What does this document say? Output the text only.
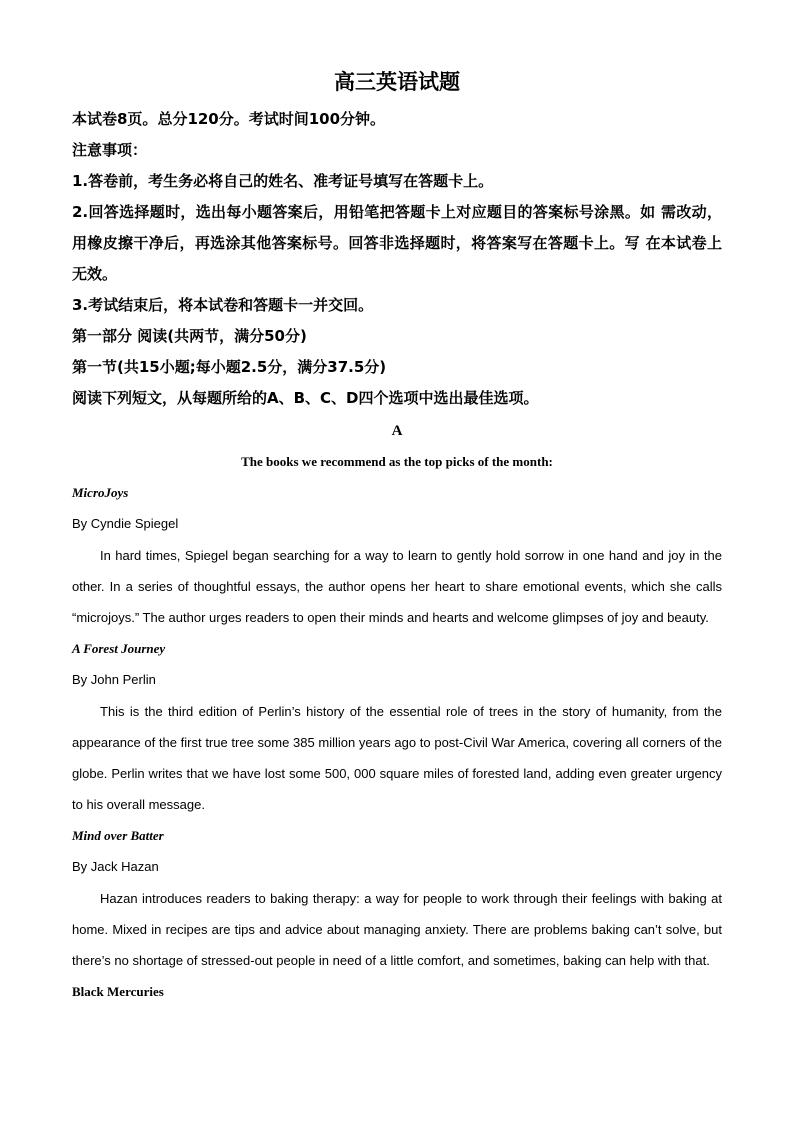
高三英语试题
本试卷8页。总分120分。考试时间100分钟。
注意事项：
1.答卷前，考生务必将自己的姓名、准考证号填写在答题卡上。
2.回答选择题时，选出每小题答案后，用铅笔把答题卡上对应题目的答案标号涂黑。如 需改动，用橡皮擦干净后，再选涂其他答案标号。回答非选择题时，将答案写在答题卡上。写 在本试卷上无效。
3.考试结束后，将本试卷和答题卡一并交回。
第一部分 阅读(共两节，满分50分)
第一节(共15小题;每小题2.5分，满分37.5分)
阅读下列短文，从每题所给的A、B、C、D四个选项中选出最佳选项。
A
The books we recommend as the top picks of the month:
MicroJoys
By Cyndie Spiegel
In hard times, Spiegel began searching for a way to learn to gently hold sorrow in one hand and joy in the other. In a series of thoughtful essays, the author opens her heart to share emotional events, which she calls “microjoys.” The author urges readers to open their minds and hearts and welcome glimpses of joy and beauty.
A Forest Journey
By John Perlin
This is the third edition of Perlin’s history of the essential role of trees in the story of humanity, from the appearance of the first true tree some 385 million years ago to post-Civil War America, covering all corners of the globe. Perlin writes that we have lost some 500, 000 square miles of forested land, adding even greater urgency to his overall message.
Mind over Batter
By Jack Hazan
Hazan introduces readers to baking therapy: a way for people to work through their feelings with baking at home. Mixed in recipes are tips and advice about managing anxiety. There are problems baking can’t solve, but there’s no shortage of stressed-out people in need of a little comfort, and sometimes, baking can help with that.
Black Mercuries
